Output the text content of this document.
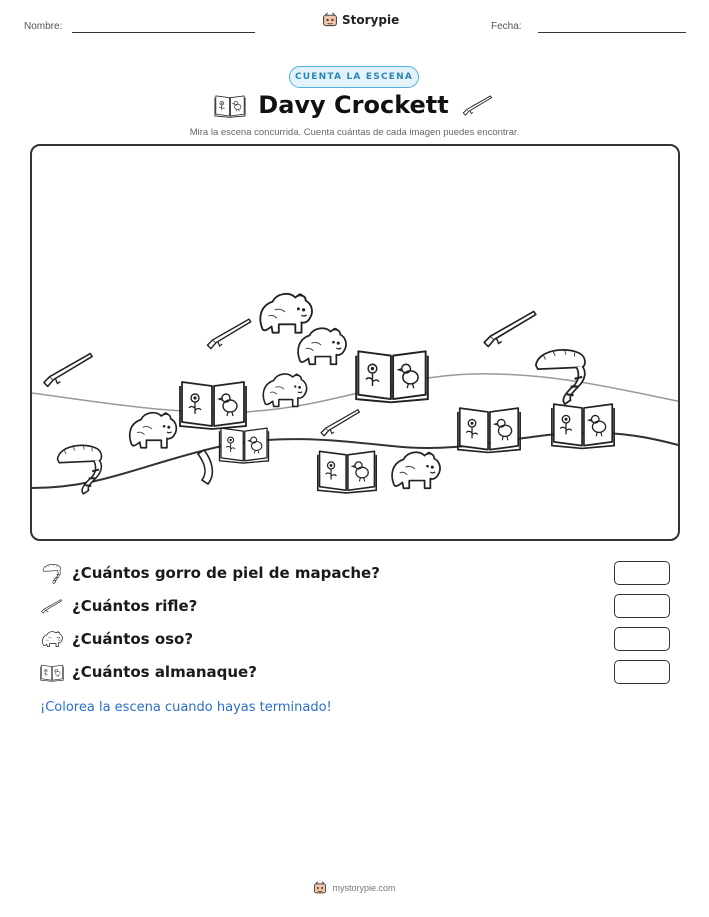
Nombre:	Storypie	Fecha:
CUENTA LA ESCENA
Davy Crockett
Mira la escena concurrida. Cuenta cuántas de cada imagen puedes encontrar.
¿Cuántos gorro de piel de mapache?
¿Cuántos rifle?
¿Cuántos oso?
¿Cuántos almanaque?
¡Colorea la escena cuando hayas terminado!
mystorypie.com
